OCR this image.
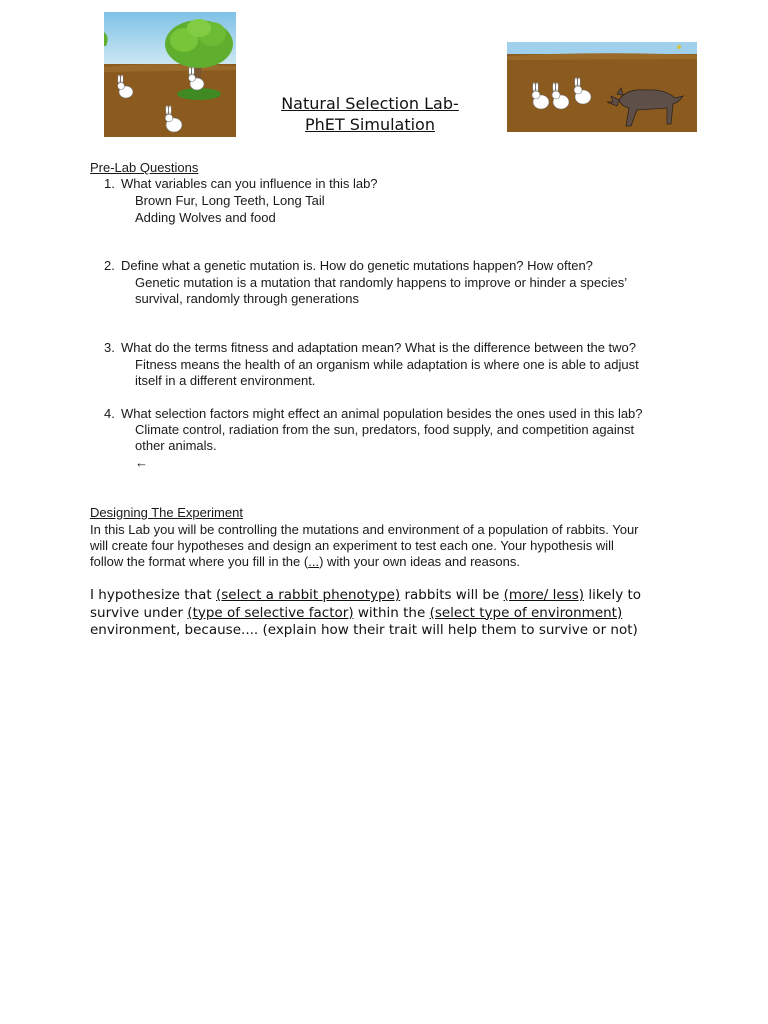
Natural Selection Lab-
PhET Simulation
Pre-Lab Questions
1. What variables can you influence in this lab?
Brown Fur, Long Teeth, Long Tail
Adding Wolves and food
2. Define what a genetic mutation is. How do genetic mutations happen? How often?
Genetic mutation is a mutation that randomly happens to improve or hinder a species’
survival, randomly through generations
3. What do the terms fitness and adaptation mean? What is the difference between the two?
Fitness means the health of an organism while adaptation is where one is able to adjust
itself in a different environment.
4. What selection factors might effect an animal population besides the ones used in this lab?
Climate control, radiation from the sun, predators, food supply, and competition against
other animals.
←
Designing The Experiment
In this Lab you will be controlling the mutations and environment of a population of rabbits. Your
will create four hypotheses and design an experiment to test each one. Your hypothesis will
follow the format where you fill in the (...) with your own ideas and reasons.
I hypothesize that (select a rabbit phenotype) rabbits will be (more/ less) likely to survive under (type of selective factor) within the (select type of environment) environment, because.... (explain how their trait will help them to survive or not)
